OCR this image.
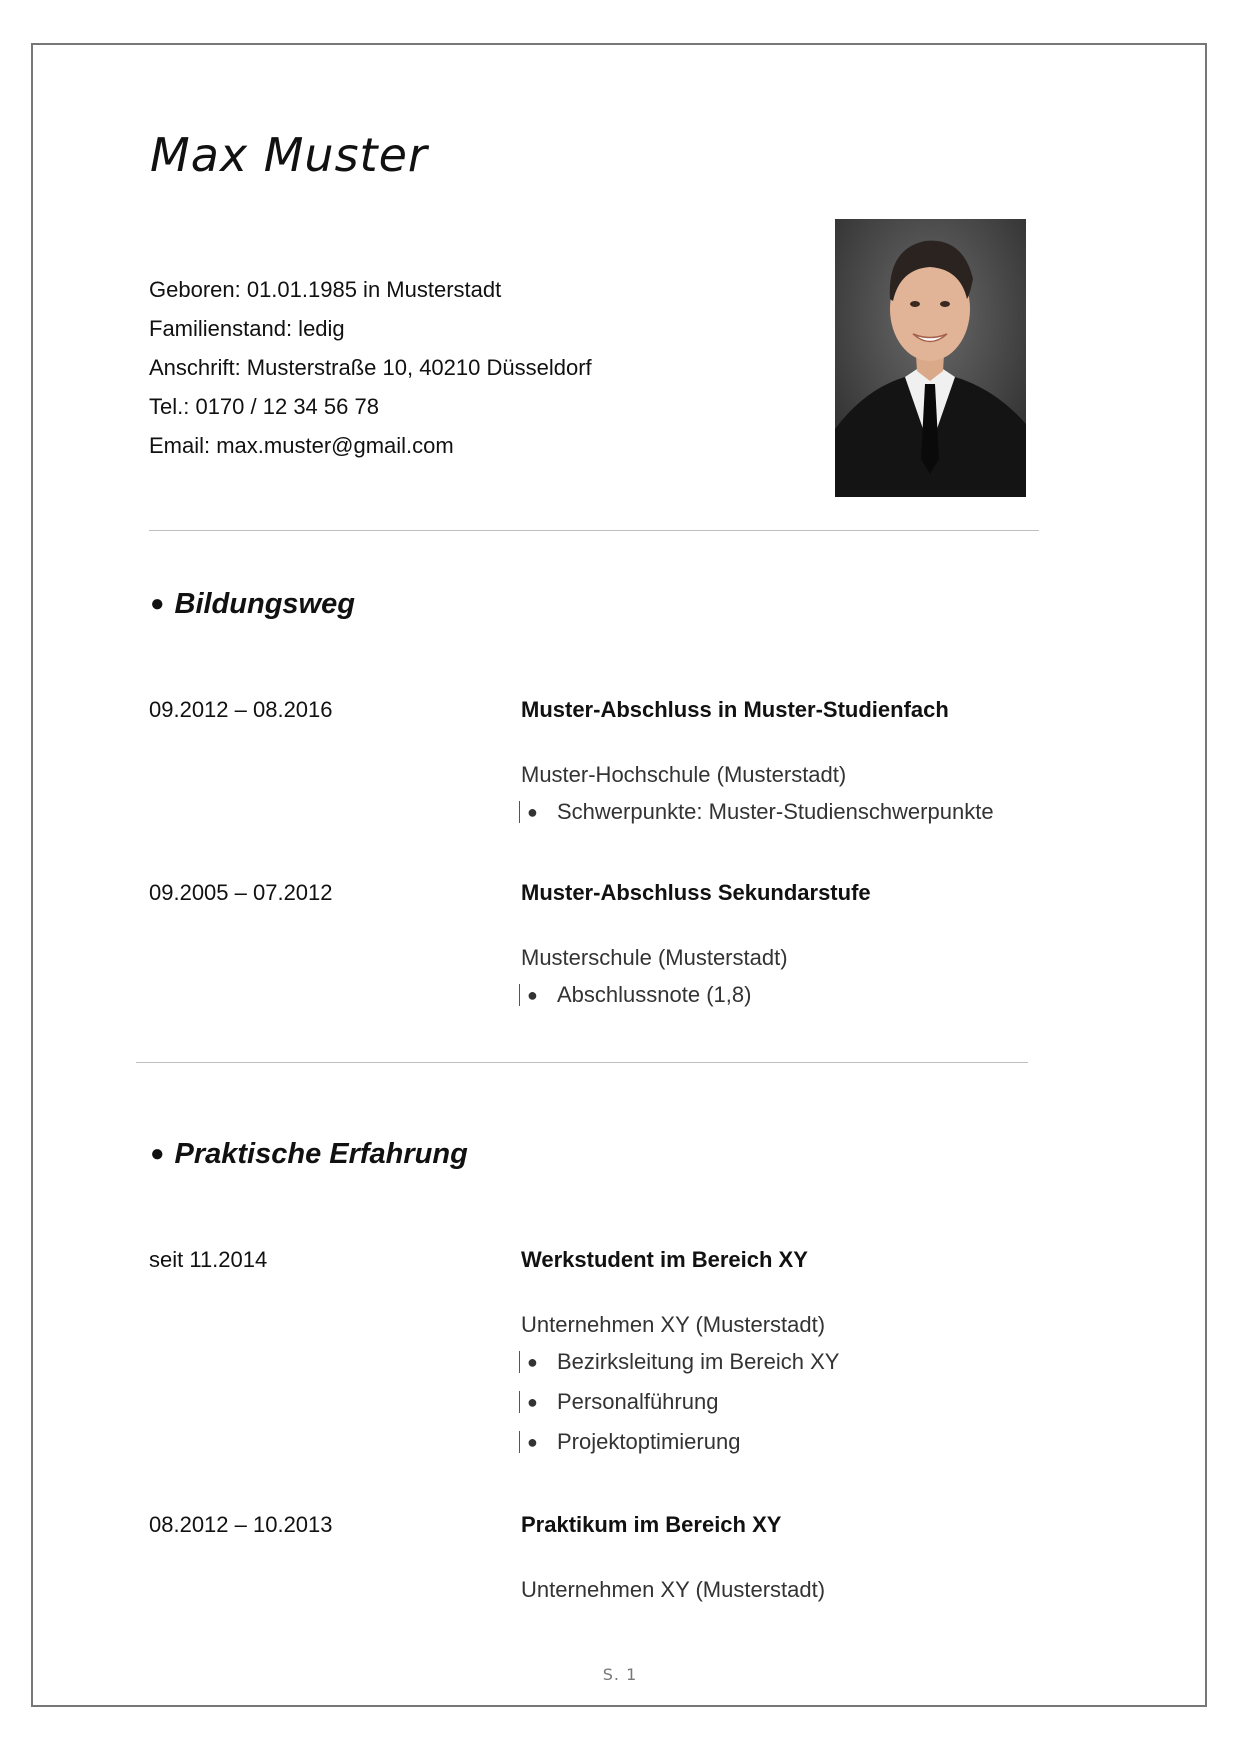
Max Muster
Geboren: 01.01.1985 in Musterstadt
Familienstand: ledig
Anschrift: Musterstraße 10, 40210 Düsseldorf
Tel.: 0170 / 12 34 56 78
Email: max.muster@gmail.com
● Bildungsweg
09.2012 – 08.2016	Muster-Abschluss in Muster-Studienfach
Muster-Hochschule (Musterstadt)
● Schwerpunkte: Muster-Studienschwerpunkte
09.2005 – 07.2012	Muster-Abschluss Sekundarstufe
Musterschule (Musterstadt)
● Abschlussnote (1,8)
● Praktische Erfahrung
seit 11.2014	Werkstudent im Bereich XY
Unternehmen XY (Musterstadt)
● Bezirksleitung im Bereich XY
● Personalführung
● Projektoptimierung
08.2012 – 10.2013	Praktikum im Bereich XY
Unternehmen XY (Musterstadt)
S. 1
